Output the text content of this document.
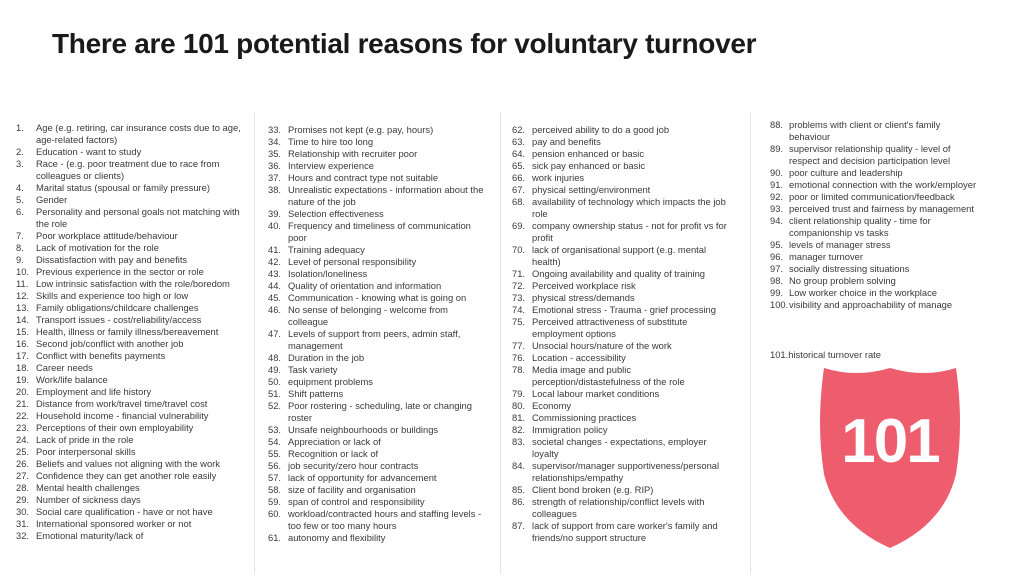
There are 101 potential reasons for voluntary turnover
1. Age (e.g. retiring, car insurance costs due to age, age-related factors)
2. Education - want to study
3. Race - (e.g. poor treatment due to race from colleagues or clients)
4. Marital status (spousal or family pressure)
5. Gender
6. Personality and personal goals not matching with the role
7. Poor workplace attitude/behaviour
8. Lack of motivation for the role
9. Dissatisfaction with pay and benefits
10. Previous experience in the sector or role
11. Low intrinsic satisfaction with the role/boredom
12. Skills and experience too high or low
13. Family obligations/childcare challenges
14. Transport issues - cost/reliability/access
15. Health, illness or family illness/bereavement
16. Second job/conflict with another job
17. Conflict with benefits payments
18. Career needs
19. Work/life balance
20. Employment and life history
21. Distance from work/travel time/travel cost
22. Household income - financial vulnerability
23. Perceptions of their own employability
24. Lack of pride in the role
25. Poor interpersonal skills
26. Beliefs and values not aligning with the work
27. Confidence they can get another role easily
28. Mental health challenges
29. Number of sickness days
30. Social care qualification - have or not have
31. International sponsored worker or not
32. Emotional maturity/lack of
33. Promises not kept (e.g. pay, hours)
34. Time to hire too long
35. Relationship with recruiter poor
36. Interview experience
37. Hours and contract type not suitable
38. Unrealistic expectations - information about the nature of the job
39. Selection effectiveness
40. Frequency and timeliness of communication poor
41. Training adequacy
42. Level of personal responsibility
43. Isolation/loneliness
44. Quality of orientation and information
45. Communication - knowing what is going on
46. No sense of belonging - welcome from colleague
47. Levels of support from peers, admin staff, management
48. Duration in the job
49. Task variety
50. equipment problems
51. Shift patterns
52. Poor rostering - scheduling, late or changing roster
53. Unsafe neighbourhoods or buildings
54. Appreciation or lack of
55. Recognition or lack of
56. job security/zero hour contracts
57. lack of opportunity for advancement
58. size of facility and organisation
59. span of control and responsibility
60. workload/contracted hours and staffing levels - too few or too many hours
61. autonomy and flexibility
62. perceived ability to do a good job
63. pay and benefits
64. pension enhanced or basic
65. sick pay enhanced or basic
66. work injuries
67. physical setting/environment
68. availability of technology which impacts the job role
69. company ownership status - not for profit vs for profit
70. lack of organisational support (e.g. mental health)
71. Ongoing availability and quality of training
72. Perceived workplace risk
73. physical stress/demands
74. Emotional stress - Trauma - grief processing
75. Perceived attractiveness of substitute employment options
77. Unsocial hours/nature of the work
76. Location - accessibility
78. Media image and public perception/distastefulness of the role
79. Local labour market conditions
80. Economy
81. Commissioning practices
82. Immigration policy
83. societal changes - expectations, employer loyalty
84. supervisor/manager supportiveness/personal relationships/empathy
85. Client bond broken (e.g. RIP)
86. strength of relationship/conflict levels with colleagues
87. lack of support from care worker's family and friends/no support structure
88. problems with client or client's family behaviour
89. supervisor relationship quality - level of respect and decision participation level
90. poor culture and leadership
91. emotional connection with the work/employer
92. poor or limited communication/feedback
93. perceived trust and fairness by management
94. client relationship quality - time for companionship vs tasks
95. levels of manager stress
96. manager turnover
97. socially distressing situations
98. No group problem solving
99. Low worker choice in the workplace
100. visibility and approachability of manage
101.historical turnover rate
101
